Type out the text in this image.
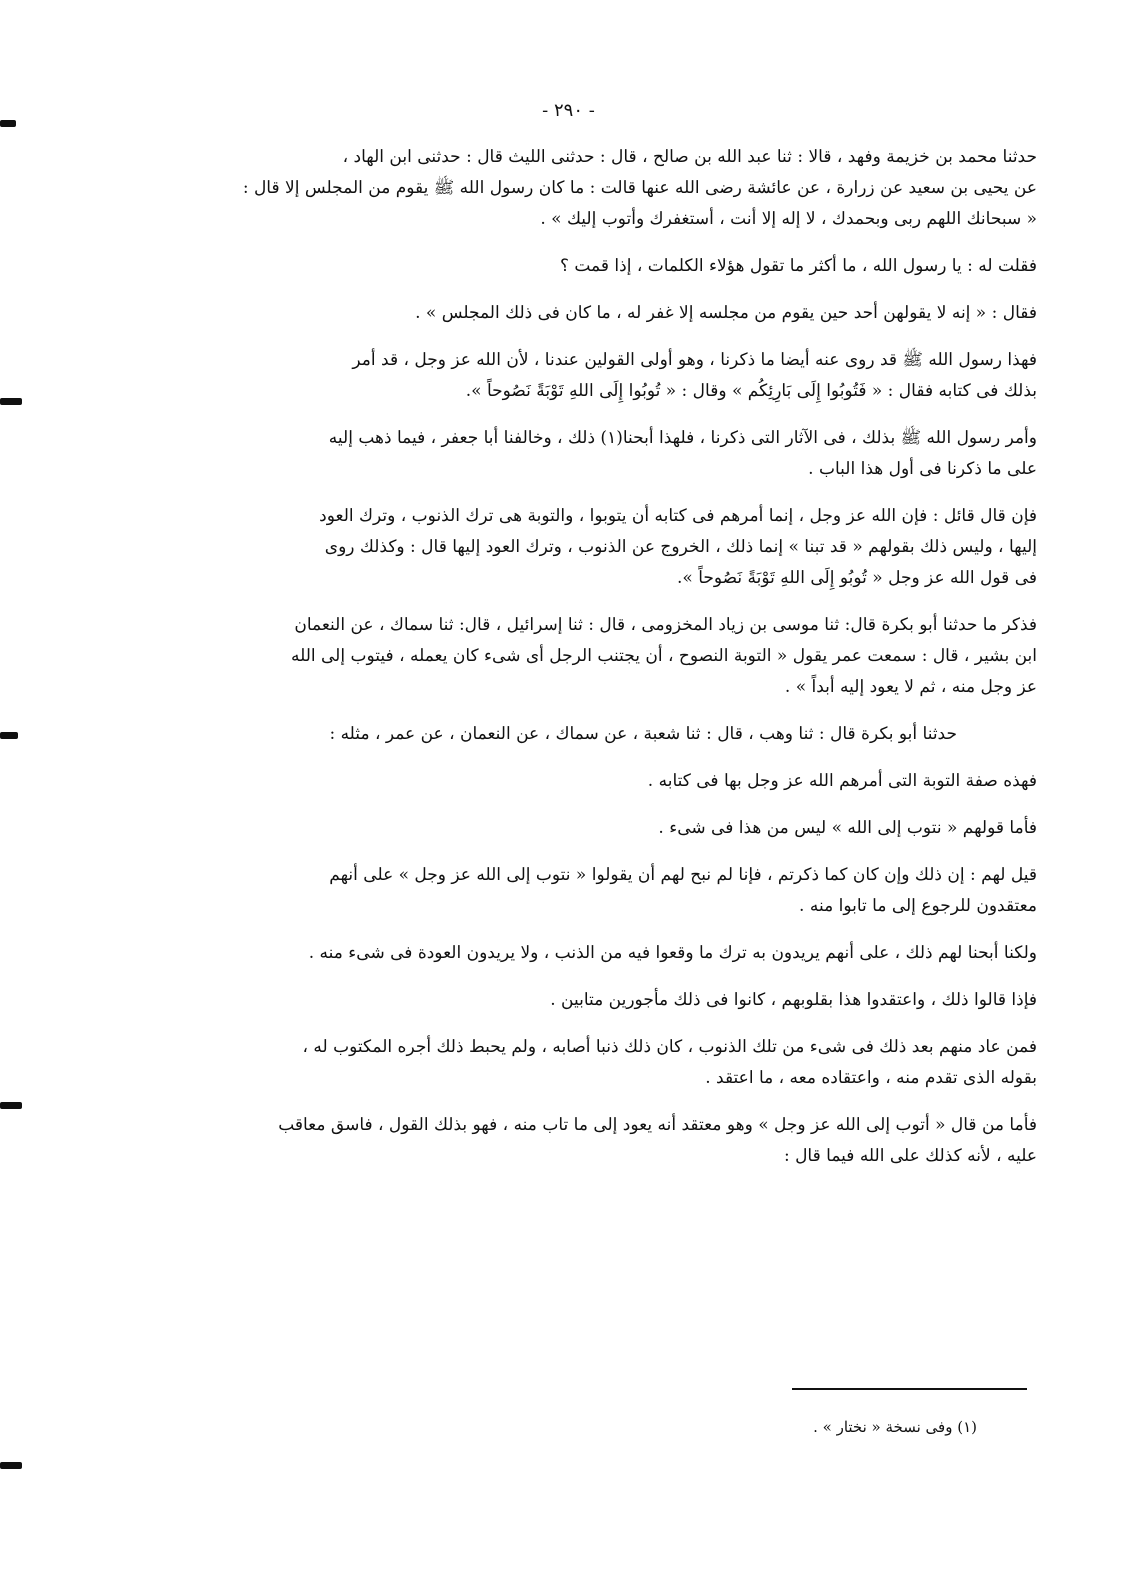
- ٢٩٠ -
حدثنا محمد بن خزيمة وفهد ، قالا : ثنا عبد الله بن صالح ، قال : حدثنى الليث قال : حدثنى ابن الهاد ،
عن يحيى بن سعيد عن زرارة ، عن عائشة رضى الله عنها قالت : ما كان رسول الله ﷺ يقوم من المجلس إلا قال :
« سبحانك اللهم ربى وبحمدك ، لا إله إلا أنت ، أستغفرك وأتوب إليك » .
فقلت له : يا رسول الله ، ما أكثر ما تقول هؤلاء الكلمات ، إذا قمت ؟
فقال : « إنه لا يقولهن أحد حين يقوم من مجلسه إلا غفر له ، ما كان فى ذلك المجلس » .
فهذا رسول الله ﷺ قد روى عنه أيضا ما ذكرنا ، وهو أولى القولين عندنا ، لأن الله عز وجل ، قد أمر
بذلك فى كتابه فقال : « فَتُوبُوا إِلَى بَارِئِكُم » وقال : « تُوبُوا إِلَى اللهِ تَوْبَةً نَصُوحاً ».
وأمر رسول الله ﷺ بذلك ، فى الآثار التى ذكرنا ، فلهذا أبحنا(١) ذلك ، وخالفنا أبا جعفر ، فيما ذهب إليه
على ما ذكرنا فى أول هذا الباب .
فإن قال قائل : فإن الله عز وجل ، إنما أمرهم فى كتابه أن يتوبوا ، والتوبة هى ترك الذنوب ، وترك العود
إليها ، وليس ذلك بقولهم « قد تبنا » إنما ذلك ، الخروج عن الذنوب ، وترك العود إليها قال : وكذلك روى
فى قول الله عز وجل « تُوبُو إِلَى اللهِ تَوْبَةً نَصُوحاً ».
فذكر ما حدثنا أبو بكرة قال: ثنا موسى بن زياد المخزومى ، قال : ثنا إسرائيل ، قال: ثنا سماك ، عن النعمان
ابن بشير ، قال : سمعت عمر يقول « التوبة النصوح ، أن يجتنب الرجل أى شىء كان يعمله ، فيتوب إلى الله
عز وجل منه ، ثم لا يعود إليه أبداً » .
حدثنا أبو بكرة قال : ثنا وهب ، قال : ثنا شعبة ، عن سماك ، عن النعمان ، عن عمر ، مثله :
فهذه صفة التوبة التى أمرهم الله عز وجل بها فى كتابه .
فأما قولهم « نتوب إلى الله » ليس من هذا فى شىء .
قيل لهم : إن ذلك وإن كان كما ذكرتم ، فإنا لم نبح لهم أن يقولوا « نتوب إلى الله عز وجل » على أنهم
معتقدون للرجوع إلى ما تابوا منه .
ولكنا أبحنا لهم ذلك ، على أنهم يريدون به ترك ما وقعوا فيه من الذنب ، ولا يريدون العودة فى شىء منه .
فإذا قالوا ذلك ، واعتقدوا هذا بقلوبهم ، كانوا فى ذلك مأجورين متابين .
فمن عاد منهم بعد ذلك فى شىء من تلك الذنوب ، كان ذلك ذنبا أصابه ، ولم يحبط ذلك أجره المكتوب له ،
بقوله الذى تقدم منه ، واعتقاده معه ، ما اعتقد .
فأما من قال « أتوب إلى الله عز وجل » وهو معتقد أنه يعود إلى ما تاب منه ، فهو بذلك القول ، فاسق معاقب
عليه ، لأنه كذلك على الله فيما قال :
(١) وفى نسخة « نختار » .
